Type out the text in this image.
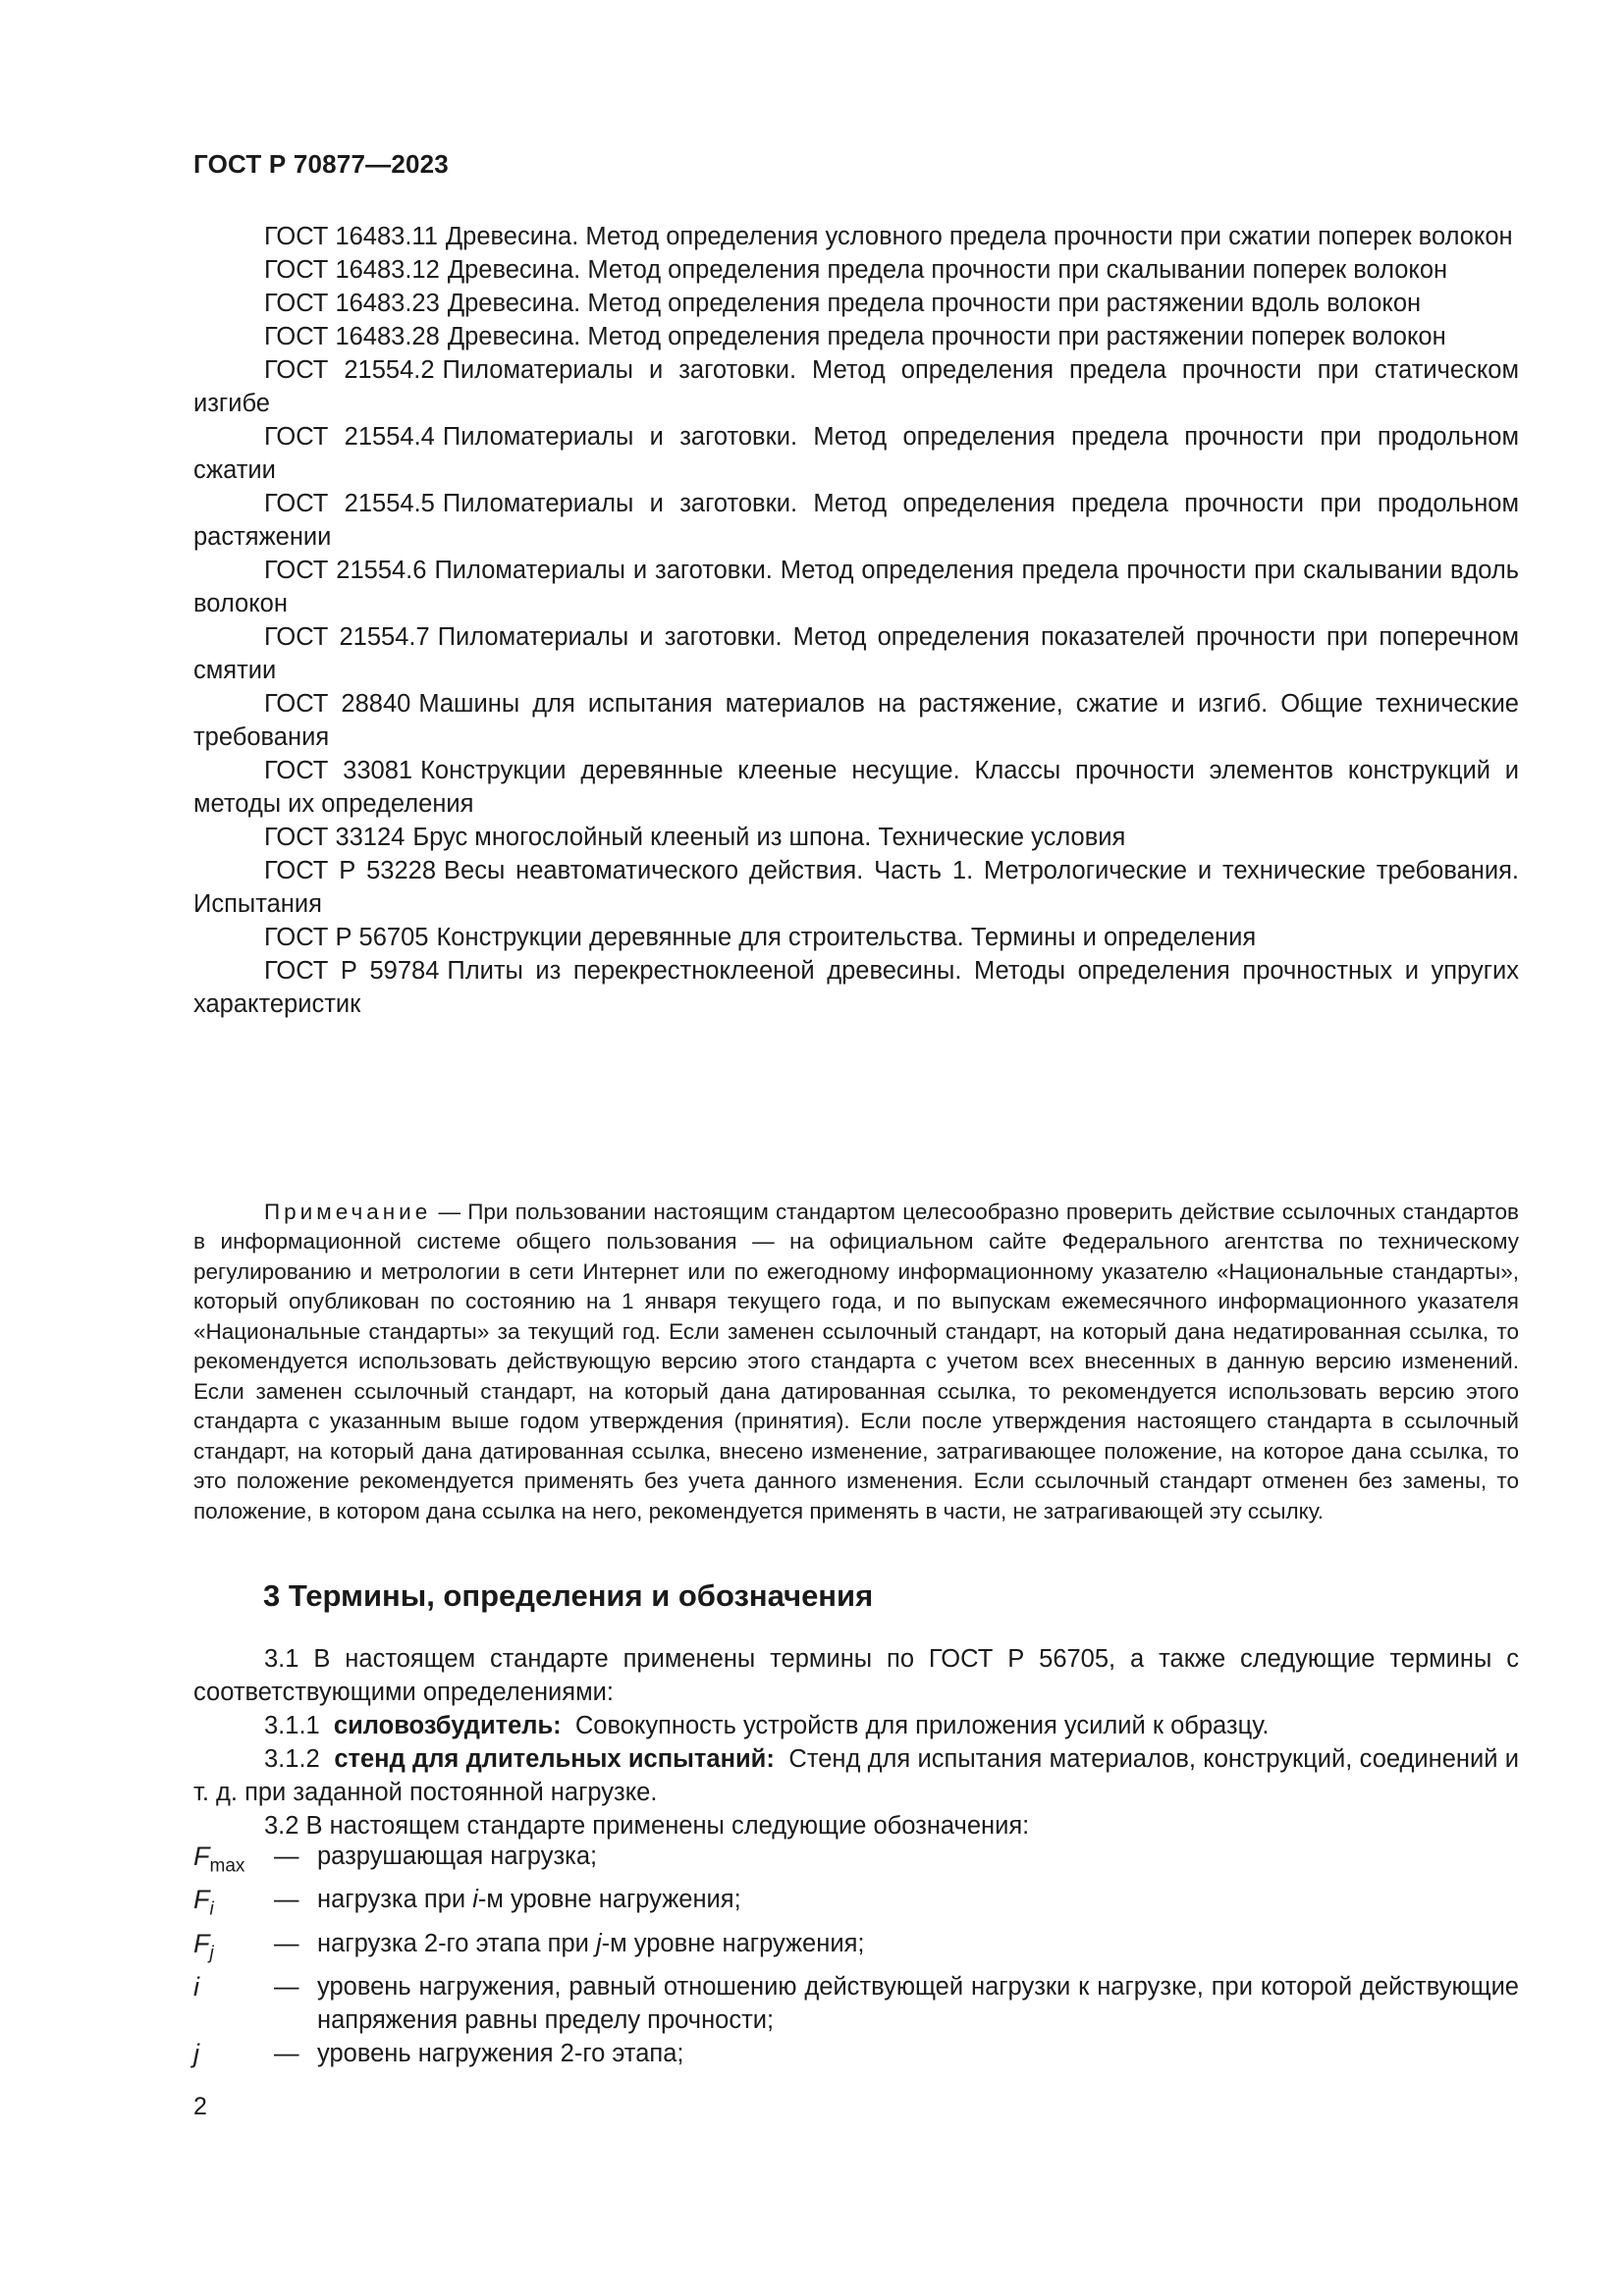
ГОСТ Р 70877—2023

ГОСТ 16483.11 Древесина. Метод определения условного предела прочности при сжатии поперек волокон

ГОСТ 16483.12 Древесина. Метод определения предела прочности при скалывании поперек волокон

ГОСТ 16483.23 Древесина. Метод определения предела прочности при растяжении вдоль волокон

ГОСТ 16483.28 Древесина. Метод определения предела прочности при растяжении поперек волокон

ГОСТ 21554.2 Пиломатериалы и заготовки. Метод определения предела прочности при статическом изгибе

ГОСТ 21554.4 Пиломатериалы и заготовки. Метод определения предела прочности при продольном сжатии

ГОСТ 21554.5 Пиломатериалы и заготовки. Метод определения предела прочности при продольном растяжении

ГОСТ 21554.6 Пиломатериалы и заготовки. Метод определения предела прочности при скалывании вдоль волокон

ГОСТ 21554.7 Пиломатериалы и заготовки. Метод определения показателей прочности при поперечном смятии

ГОСТ 28840 Машины для испытания материалов на растяжение, сжатие и изгиб. Общие технические требования

ГОСТ 33081 Конструкции деревянные клееные несущие. Классы прочности элементов конструкций и методы их определения

ГОСТ 33124 Брус многослойный клееный из шпона. Технические условия

ГОСТ Р 53228 Весы неавтоматического действия. Часть 1. Метрологические и технические требования. Испытания

ГОСТ Р 56705 Конструкции деревянные для строительства. Термины и определения

ГОСТ Р 59784 Плиты из перекрестноклееной древесины. Методы определения прочностных и упругих характеристик

Примечание — При пользовании настоящим стандартом целесообразно проверить действие ссылочных стандартов в информационной системе общего пользования — на официальном сайте Федерального агентства по техническому регулированию и метрологии в сети Интернет или по ежегодному информационному указателю «Национальные стандарты», который опубликован по состоянию на 1 января текущего года, и по выпускам ежемесячного информационного указателя «Национальные стандарты» за текущий год. Если заменен ссылочный стандарт, на который дана недатированная ссылка, то рекомендуется использовать действующую версию этого стандарта с учетом всех внесенных в данную версию изменений. Если заменен ссылочный стандарт, на который дана датированная ссылка, то рекомендуется использовать версию этого стандарта с указанным выше годом утверждения (принятия). Если после утверждения настоящего стандарта в ссылочный стандарт, на который дана датированная ссылка, внесено изменение, затрагивающее положение, на которое дана ссылка, то это положение рекомендуется применять без учета данного изменения. Если ссылочный стандарт отменен без замены, то положение, в котором дана ссылка на него, рекомендуется применять в части, не затрагивающей эту ссылку.

3 Термины, определения и обозначения

3.1 В настоящем стандарте применены термины по ГОСТ Р 56705, а также следующие термины с соответствующими определениями:

3.1.1 силовозбудитель: Совокупность устройств для приложения усилий к образцу.

3.1.2 стенд для длительных испытаний: Стенд для испытания материалов, конструкций, соединений и т. д. при заданной постоянной нагрузке.

3.2 В настоящем стандарте применены следующие обозначения:

$F_{max}$	— разрушающая нагрузка;
$F_i$	— нагрузка при i-м уровне нагружения;
$F_j$	— нагрузка 2-го этапа при j-м уровне нагружения;
i	— уровень нагружения, равный отношению действующей нагрузки к нагрузке, при которой действующие напряжения равны пределу прочности;
j	— уровень нагружения 2-го этапа;
2
